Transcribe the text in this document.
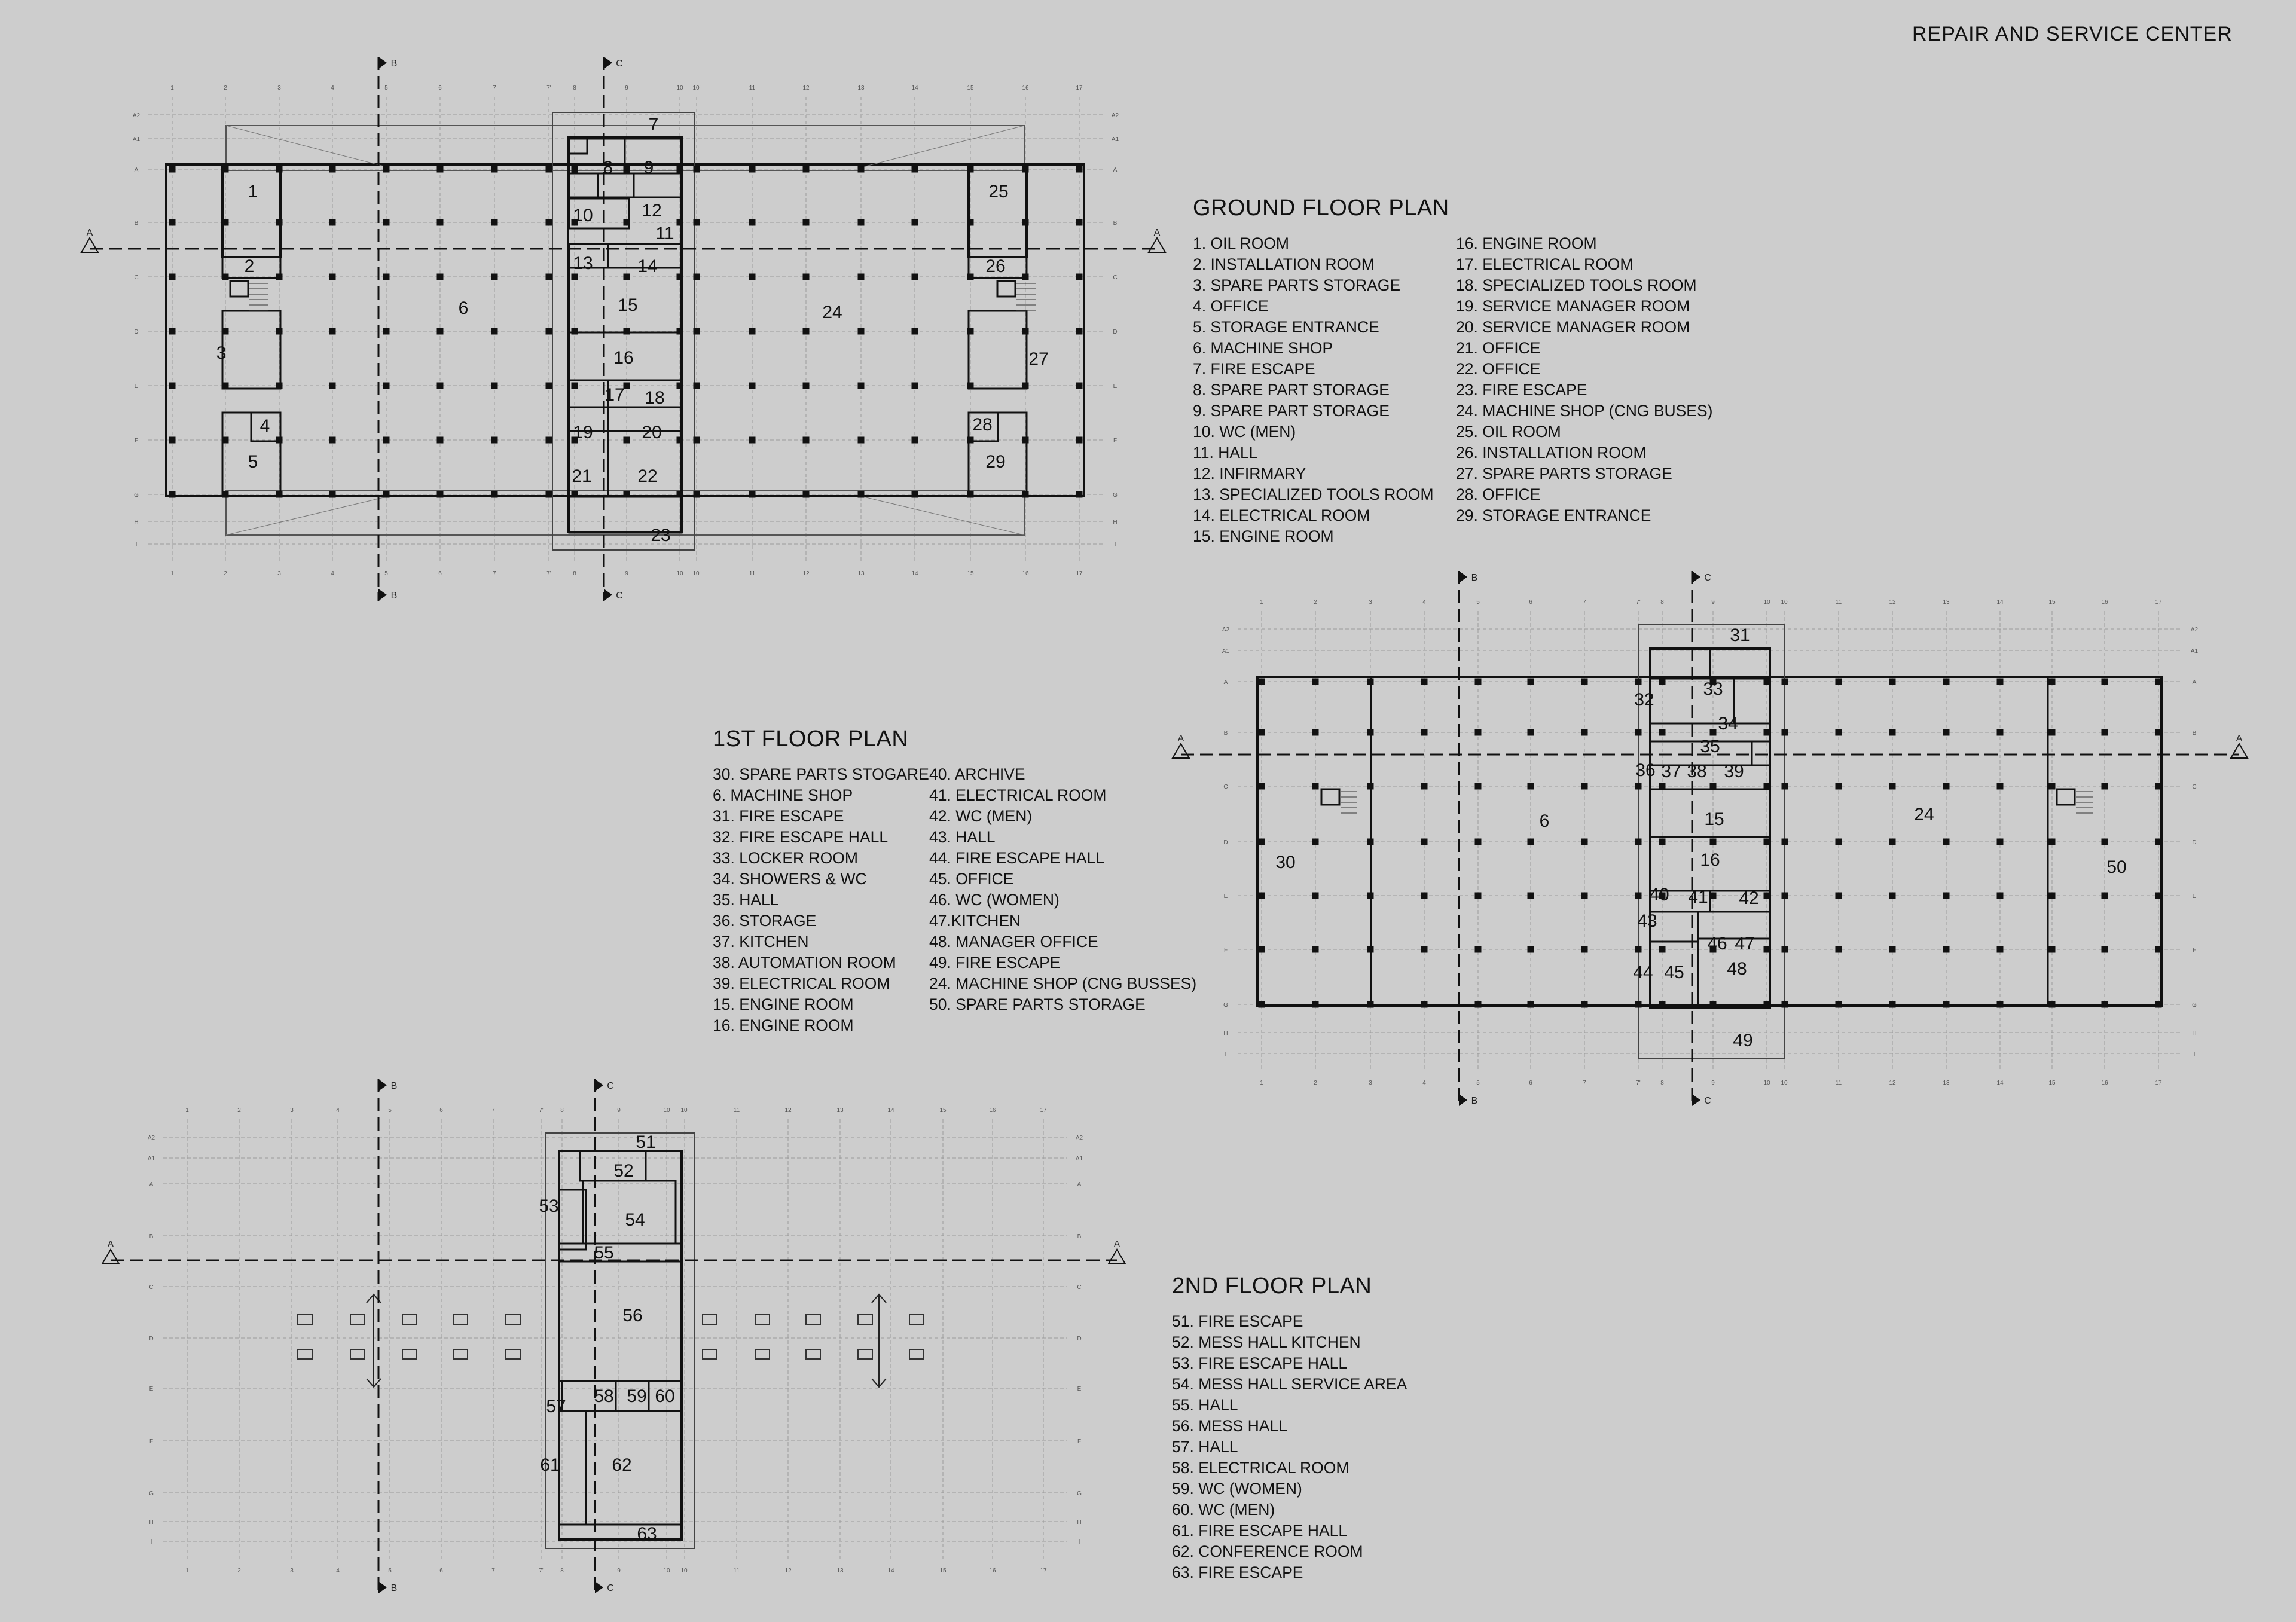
REPAIR AND SERVICE CENTER
1
1
2
2
3
3
4
4
5
5
6
6
7
7
7'
7'
8
8
9
9
10
10
10'
10'
11
11
12
12
13
13
14
14
15
15
16
16
17
17
A2	A2
A1	A1
A	A
B	B
C	C
D	D
E	E
F	F
G	G
H	H
I	I
A	A
B
B
C
C
1
2
3
4
5
6
7
8 9
10
11
12
13 14
15
16
17 18
19	20
21	22
23
24
25
26
27
28
29
1
1
2
2
3
3
4
4
5
5
6
6
7
7
7'
7'
8
8
9
9
10
10
10'
10'
11
11
12
12
13
13
14
14
15
15
16
16
17
17
A2	A2
A1	A1
A	A
B	B
C	C
D	D
E	E
F	F
G	G
H	H
I	I
A	A
B
B
C
C
30
31
32
33
34
35
36 37 38 39
6	15
16
24
40 41 42
43
44 45
46 47
48
49
50
1
1
2
2
3
3
4
4
5
5
6
6
7
7
7'
7'
8
8
9
9
10
10
10'
10'
11
11
12
12
13
13
14
14
15
15
16
16
17
17
A2	A2
A1	A1
A	A
B	B
C	C
D	D
E	E
F	F
G	G
H	H
I	I
A	A
B
B
C
C
51
52
53
54
55
56
57
58 59 60
61	62
63
GROUND FLOOR PLAN
1. OIL ROOM
2. INSTALLATION ROOM
3. SPARE PARTS STORAGE
4. OFFICE
5. STORAGE ENTRANCE
6. MACHINE SHOP
7. FIRE ESCAPE
8. SPARE PART STORAGE
9. SPARE PART STORAGE
10. WC (MEN)
11. HALL
12. INFIRMARY
13. SPECIALIZED TOOLS ROOM
14. ELECTRICAL ROOM
15. ENGINE ROOM
16. ENGINE ROOM
17. ELECTRICAL ROOM
18. SPECIALIZED TOOLS ROOM
19. SERVICE MANAGER ROOM
20. SERVICE MANAGER ROOM
21. OFFICE
22. OFFICE
23. FIRE ESCAPE
24. MACHINE SHOP (CNG BUSES)
25. OIL ROOM
26. INSTALLATION ROOM
27. SPARE PARTS STORAGE
28. OFFICE
29. STORAGE ENTRANCE
1ST FLOOR PLAN
30. SPARE PARTS STOGARE
6. MACHINE SHOP
31. FIRE ESCAPE
32. FIRE ESCAPE HALL
33. LOCKER ROOM
34. SHOWERS & WC
35. HALL
36. STORAGE
37. KITCHEN
38. AUTOMATION ROOM
39. ELECTRICAL ROOM
15. ENGINE ROOM
16. ENGINE ROOM
40. ARCHIVE
41. ELECTRICAL ROOM
42. WC (MEN)
43. HALL
44. FIRE ESCAPE HALL
45. OFFICE
46. WC (WOMEN)
47.KITCHEN
48. MANAGER OFFICE
49. FIRE ESCAPE
24. MACHINE SHOP (CNG BUSSES)
50. SPARE PARTS STORAGE
2ND FLOOR PLAN
51. FIRE ESCAPE
52. MESS HALL KITCHEN
53. FIRE ESCAPE HALL
54. MESS HALL SERVICE AREA
55. HALL
56. MESS HALL
57. HALL
58. ELECTRICAL ROOM
59. WC (WOMEN)
60. WC (MEN)
61. FIRE ESCAPE HALL
62. CONFERENCE ROOM
63. FIRE ESCAPE
